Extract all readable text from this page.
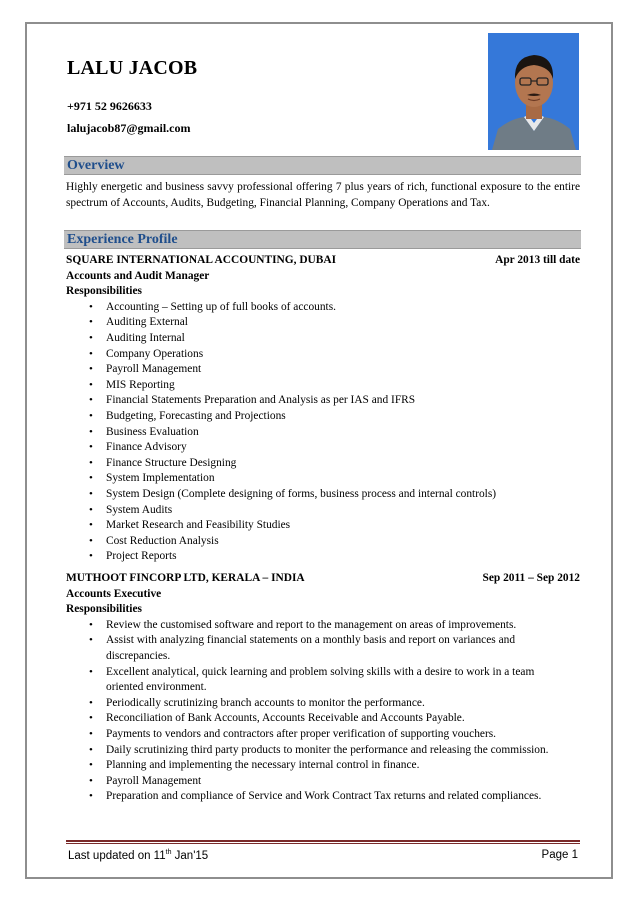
LALU JACOB
+971 52 9626633
lalujacob87@gmail.com
Overview
Highly energetic and business savvy professional offering 7 plus years of rich, functional exposure to the entire spectrum of Accounts, Audits, Budgeting, Financial Planning, Company Operations and Tax.
Experience Profile
SQUARE INTERNATIONAL ACCOUNTING, DUBAI	Apr 2013 till date
Accounts and Audit Manager
Responsibilities
• Accounting – Setting up of full books of accounts.
• Auditing External
• Auditing Internal
• Company Operations
• Payroll Management
• MIS Reporting
• Financial Statements Preparation and Analysis as per IAS and IFRS
• Budgeting, Forecasting and Projections
• Business Evaluation
• Finance Advisory
• Finance Structure Designing
• System Implementation
• System Design (Complete designing of forms, business process and internal controls)
• System Audits
• Market Research and Feasibility Studies
• Cost Reduction Analysis
• Project Reports
MUTHOOT FINCORP LTD, KERALA – INDIA	Sep 2011 – Sep 2012
Accounts Executive
Responsibilities
• Review the customised software and report to the management on areas of improvements.
• Assist with analyzing financial statements on a monthly basis and report on variances and discrepancies.
• Excellent analytical, quick learning and problem solving skills with a desire to work in a team oriented environment.
• Periodically scrutinizing branch accounts to monitor the performance.
• Reconciliation of Bank Accounts, Accounts Receivable and Accounts Payable.
• Payments to vendors and contractors after proper verification of supporting vouchers.
• Daily scrutinizing third party products to moniter the performance and releasing the commission.
• Planning and implementing the necessary internal control in finance.
• Payroll Management
• Preparation and compliance of Service and Work Contract Tax returns and related compliances.
Last updated on 11th Jan'15	Page 1
